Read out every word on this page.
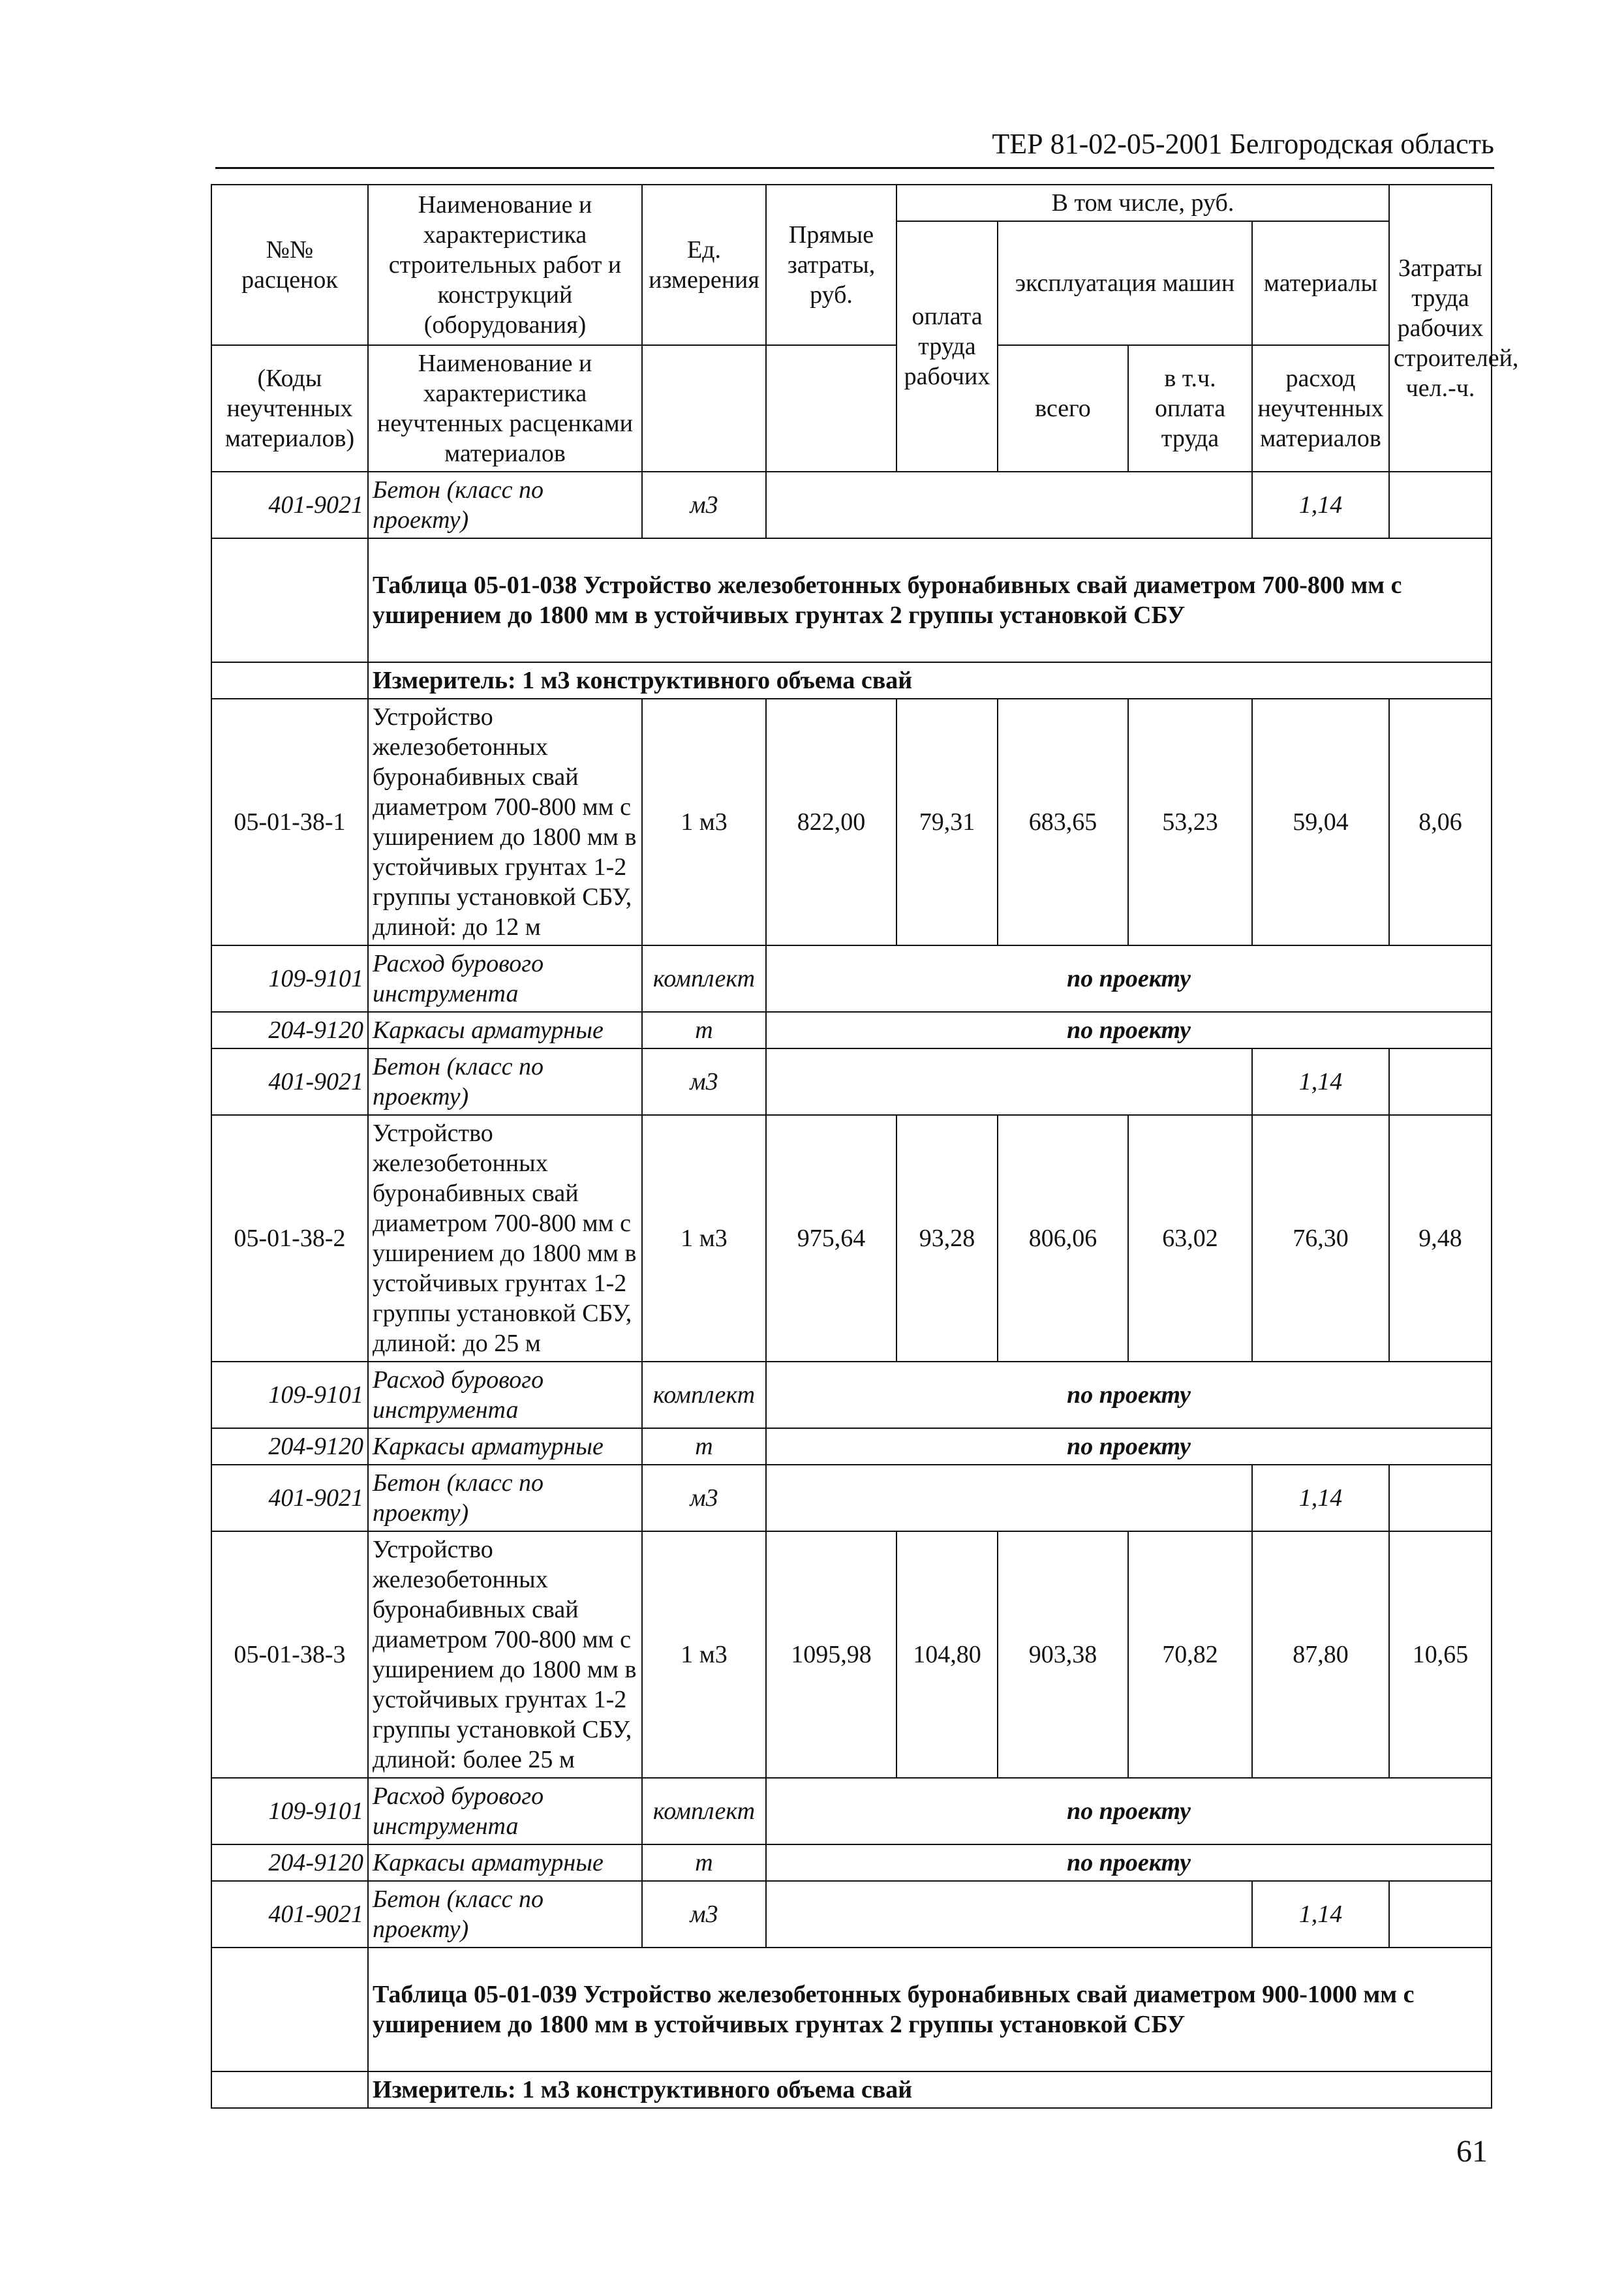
ТЕР 81-02-05-2001 Белгородская область
№№ расценок	Наименование и характеристика строительных работ и конструкций (оборудования)	Ед. измерения	Прямые затраты, руб.	В том числе, руб.				Затраты труда рабочих строителей, чел.-ч.
				оплата труда рабочих	эксплуатация машин		материалы	
(Коды неучтенных материалов)	Наименование и характеристика неучтенных расценками материалов				всего	в т.ч. оплата труда	расход неучтенных материалов	

401-9021	Бетон (класс по проекту)	м3					1,14	
	Таблица 05-01-038 Устройство железобетонных буронабивных свай диаметром 700-800 мм с уширением до 1800 мм в устойчивых грунтах 2 группы установкой СБУ							
	Измеритель: 1 м3 конструктивного объема свай							
05-01-38-1	Устройство железобетонных буронабивных свай диаметром 700-800 мм с уширением до 1800 мм в устойчивых грунтах 1-2 группы установкой СБУ, длиной: до 12 м	1 м3	822,00	79,31	683,65	53,23	59,04	8,06
109-9101	Расход бурового инструмента	комплект	по проекту					
204-9120	Каркасы арматурные	т	по проекту					
401-9021	Бетон (класс по проекту)	м3					1,14	
05-01-38-2	Устройство железобетонных буронабивных свай диаметром 700-800 мм с уширением до 1800 мм в устойчивых грунтах 1-2 группы установкой СБУ, длиной: до 25 м	1 м3	975,64	93,28	806,06	63,02	76,30	9,48
109-9101	Расход бурового инструмента	комплект	по проекту					
204-9120	Каркасы арматурные	т	по проекту					
401-9021	Бетон (класс по проекту)	м3					1,14	
05-01-38-3	Устройство железобетонных буронабивных свай диаметром 700-800 мм с уширением до 1800 мм в устойчивых грунтах 1-2 группы установкой СБУ, длиной: более 25 м	1 м3	1095,98	104,80	903,38	70,82	87,80	10,65
109-9101	Расход бурового инструмента	комплект	по проекту					
204-9120	Каркасы арматурные	т	по проекту					
401-9021	Бетон (класс по проекту)	м3					1,14	
	Таблица 05-01-039 Устройство железобетонных буронабивных свай диаметром 900-1000 мм с уширением до 1800 мм в устойчивых грунтах 2 группы установкой СБУ							
	Измеритель: 1 м3 конструктивного объема свай							
61
